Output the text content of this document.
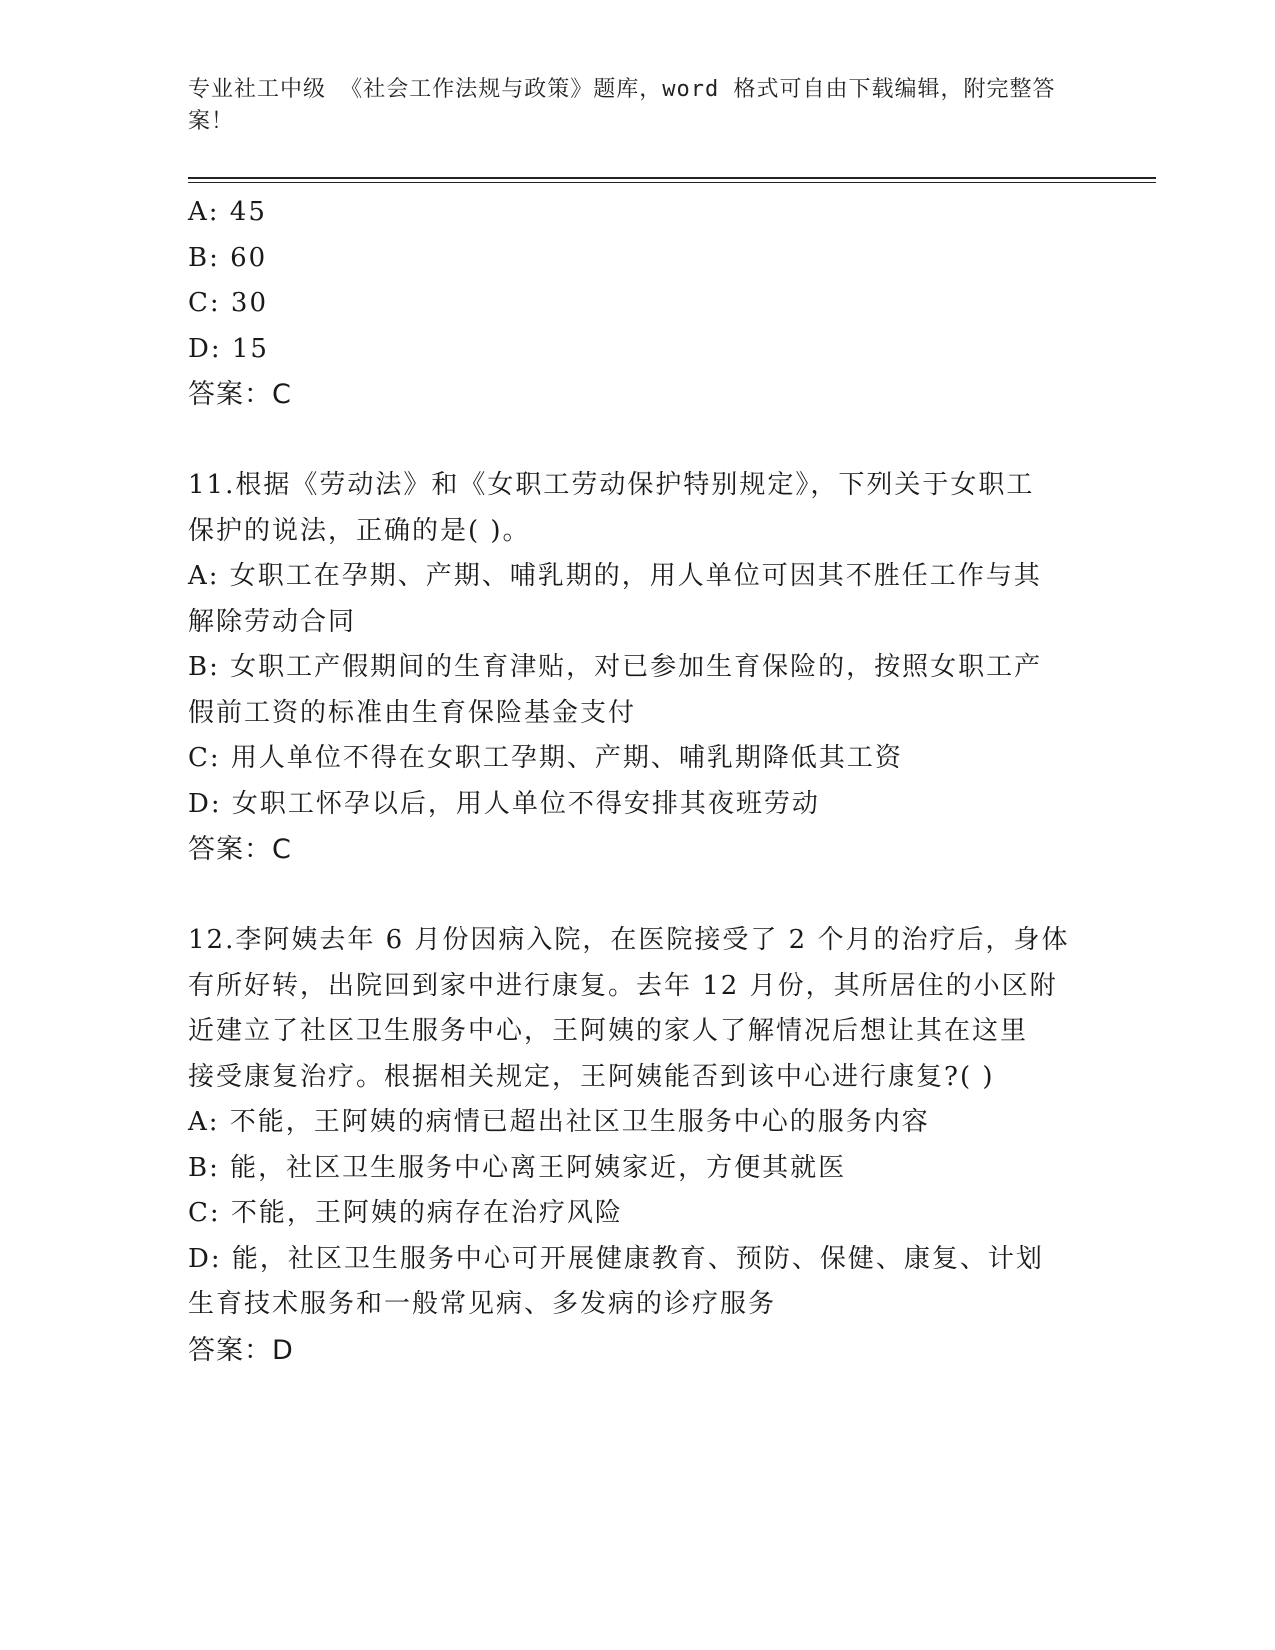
专业社工中级 《社会工作法规与政策》题库，word 格式可自由下载编辑，附完整答案！

A: 45

B: 60

C: 30

D: 15

答案：C

11.根据《劳动法》和《女职工劳动保护特别规定》，下列关于女职工

保护的说法，正确的是( )。

A: 女职工在孕期、产期、哺乳期的，用人单位可因其不胜任工作与其

解除劳动合同

B: 女职工产假期间的生育津贴，对已参加生育保险的，按照女职工产

假前工资的标准由生育保险基金支付

C: 用人单位不得在女职工孕期、产期、哺乳期降低其工资

D: 女职工怀孕以后，用人单位不得安排其夜班劳动

答案：C

12.李阿姨去年 6 月份因病入院，在医院接受了 2 个月的治疗后，身体

有所好转，出院回到家中进行康复。去年 12 月份，其所居住的小区附

近建立了社区卫生服务中心，王阿姨的家人了解情况后想让其在这里

接受康复治疗。根据相关规定，王阿姨能否到该中心进行康复?( )

A: 不能，王阿姨的病情已超出社区卫生服务中心的服务内容

B: 能，社区卫生服务中心离王阿姨家近，方便其就医

C: 不能，王阿姨的病存在治疗风险

D: 能，社区卫生服务中心可开展健康教育、预防、保健、康复、计划

生育技术服务和一般常见病、多发病的诊疗服务

答案：D
